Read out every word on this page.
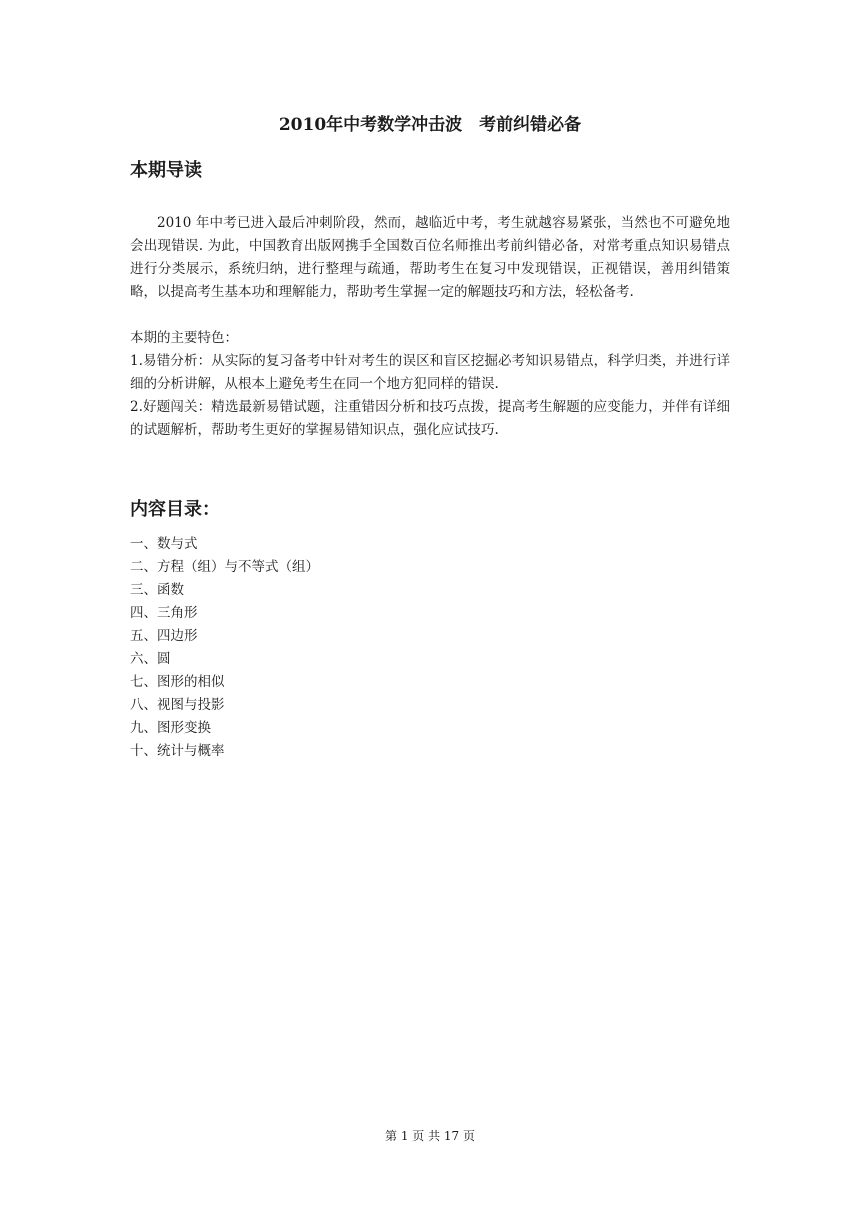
2010年中考数学冲击波　考前纠错必备
本期导读

2010 年中考已进入最后冲刺阶段，然而，越临近中考，考生就越容易紧张，当然也不可避免地会出现错误. 为此，中国教育出版网携手全国数百位名师推出考前纠错必备，对常考重点知识易错点进行分类展示，系统归纳，进行整理与疏通，帮助考生在复习中发现错误，正视错误，善用纠错策略，以提高考生基本功和理解能力，帮助考生掌握一定的解题技巧和方法，轻松备考.

本期的主要特色：
1.易错分析：从实际的复习备考中针对考生的误区和盲区挖掘必考知识易错点，科学归类，并进行详细的分析讲解，从根本上避免考生在同一个地方犯同样的错误.
2.好题闯关：精选最新易错试题，注重错因分析和技巧点拨，提高考生解题的应变能力，并伴有详细的试题解析，帮助考生更好的掌握易错知识点，强化应试技巧.
内容目录：
一、数与式
二、方程（组）与不等式（组）
三、函数
四、三角形
五、四边形
六、圆
七、图形的相似
八、视图与投影
九、图形变换
十、统计与概率
第 1 页 共 17 页
